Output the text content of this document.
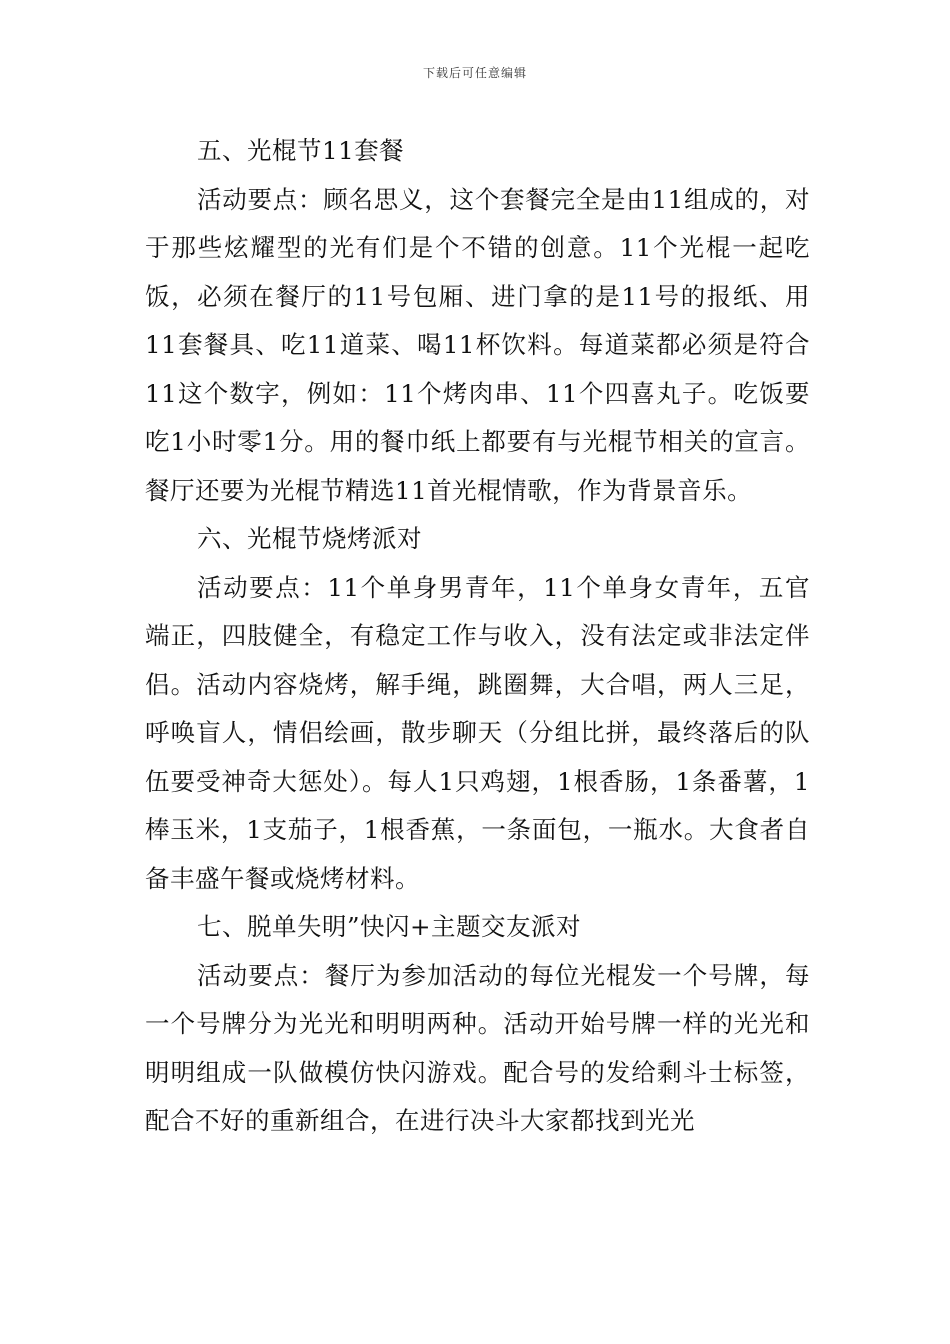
下载后可任意编辑

五、光棍节11套餐

活动要点：顾名思义，这个套餐完全是由11组成的，对于那些炫耀型的光有们是个不错的创意。11个光棍一起吃饭，必须在餐厅的11号包厢、进门拿的是11号的报纸、用11套餐具、吃11道菜、喝11杯饮料。每道菜都必须是符合11这个数字，例如：11个烤肉串、11个四喜丸子。吃饭要吃1小时零1分。用的餐巾纸上都要有与光棍节相关的宣言。餐厅还要为光棍节精选11首光棍情歌，作为背景音乐。

六、光棍节烧烤派对

活动要点：11个单身男青年，11个单身女青年，五官端正，四肢健全，有稳定工作与收入，没有法定或非法定伴侣。活动内容烧烤，解手绳，跳圈舞，大合唱，两人三足，呼唤盲人，情侣绘画，散步聊天（分组比拼，最终落后的队伍要受神奇大惩处）。每人1只鸡翅，1根香肠，1条番薯，1棒玉米，1支茄子，1根香蕉，一条面包，一瓶水。大食者自备丰盛午餐或烧烤材料。

七、脱单失明”快闪+主题交友派对

活动要点：餐厅为参加活动的每位光棍发一个号牌，每一个号牌分为光光和明明两种。活动开始号牌一样的光光和明明组成一队做模仿快闪游戏。配合号的发给剩斗士标签，配合不好的重新组合，在进行决斗大家都找到光光
